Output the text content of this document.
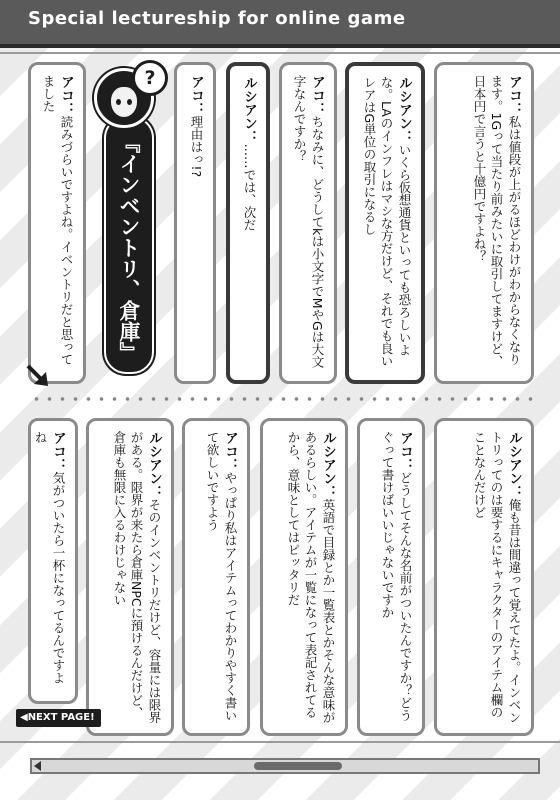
Special lectureship for online game
アコ：私は値段が上がるほどわけがわからなくなります。1Gって当たり前みたいに取引してますけど、日本円で言うと十億円ですよね？
ルシアン：いくら仮想通貨といっても恐ろしいよな。LAのインフレはマシな方だけど、それでも良いレアはG単位の取引になるし
アコ：ちなみに、どうしてkは小文字でMやGは大文字なんですか？
ルシアン：……では、次だ
アコ：理由はっ!?
アコ：読みづらいですよね。イベントリだと思ってました
『インベントリ、倉庫』
?
ルシアン：俺も昔は間違って覚えてたよ。インベントリってのは要するにキャラクターのアイテム欄のことなんだけど
アコ：どうしてそんな名前がついたんですか？どうぐって書けばいいじゃないですか
ルシアン：英語で目録とか一覧表とかそんな意味があるらしい。アイテムが一覧になって表記されてるから、意味としてはピッタリだ
アコ：やっぱり私はアイテムってわかりやすく書いて欲しいですよう
ルシアン：そのインベントリだけど、容量には限界がある。限界が来たら倉庫NPCに預けるんだけど、倉庫も無限に入るわけじゃない
アコ：気がついたら一杯になってるんですよね
◀NEXT PAGE!
